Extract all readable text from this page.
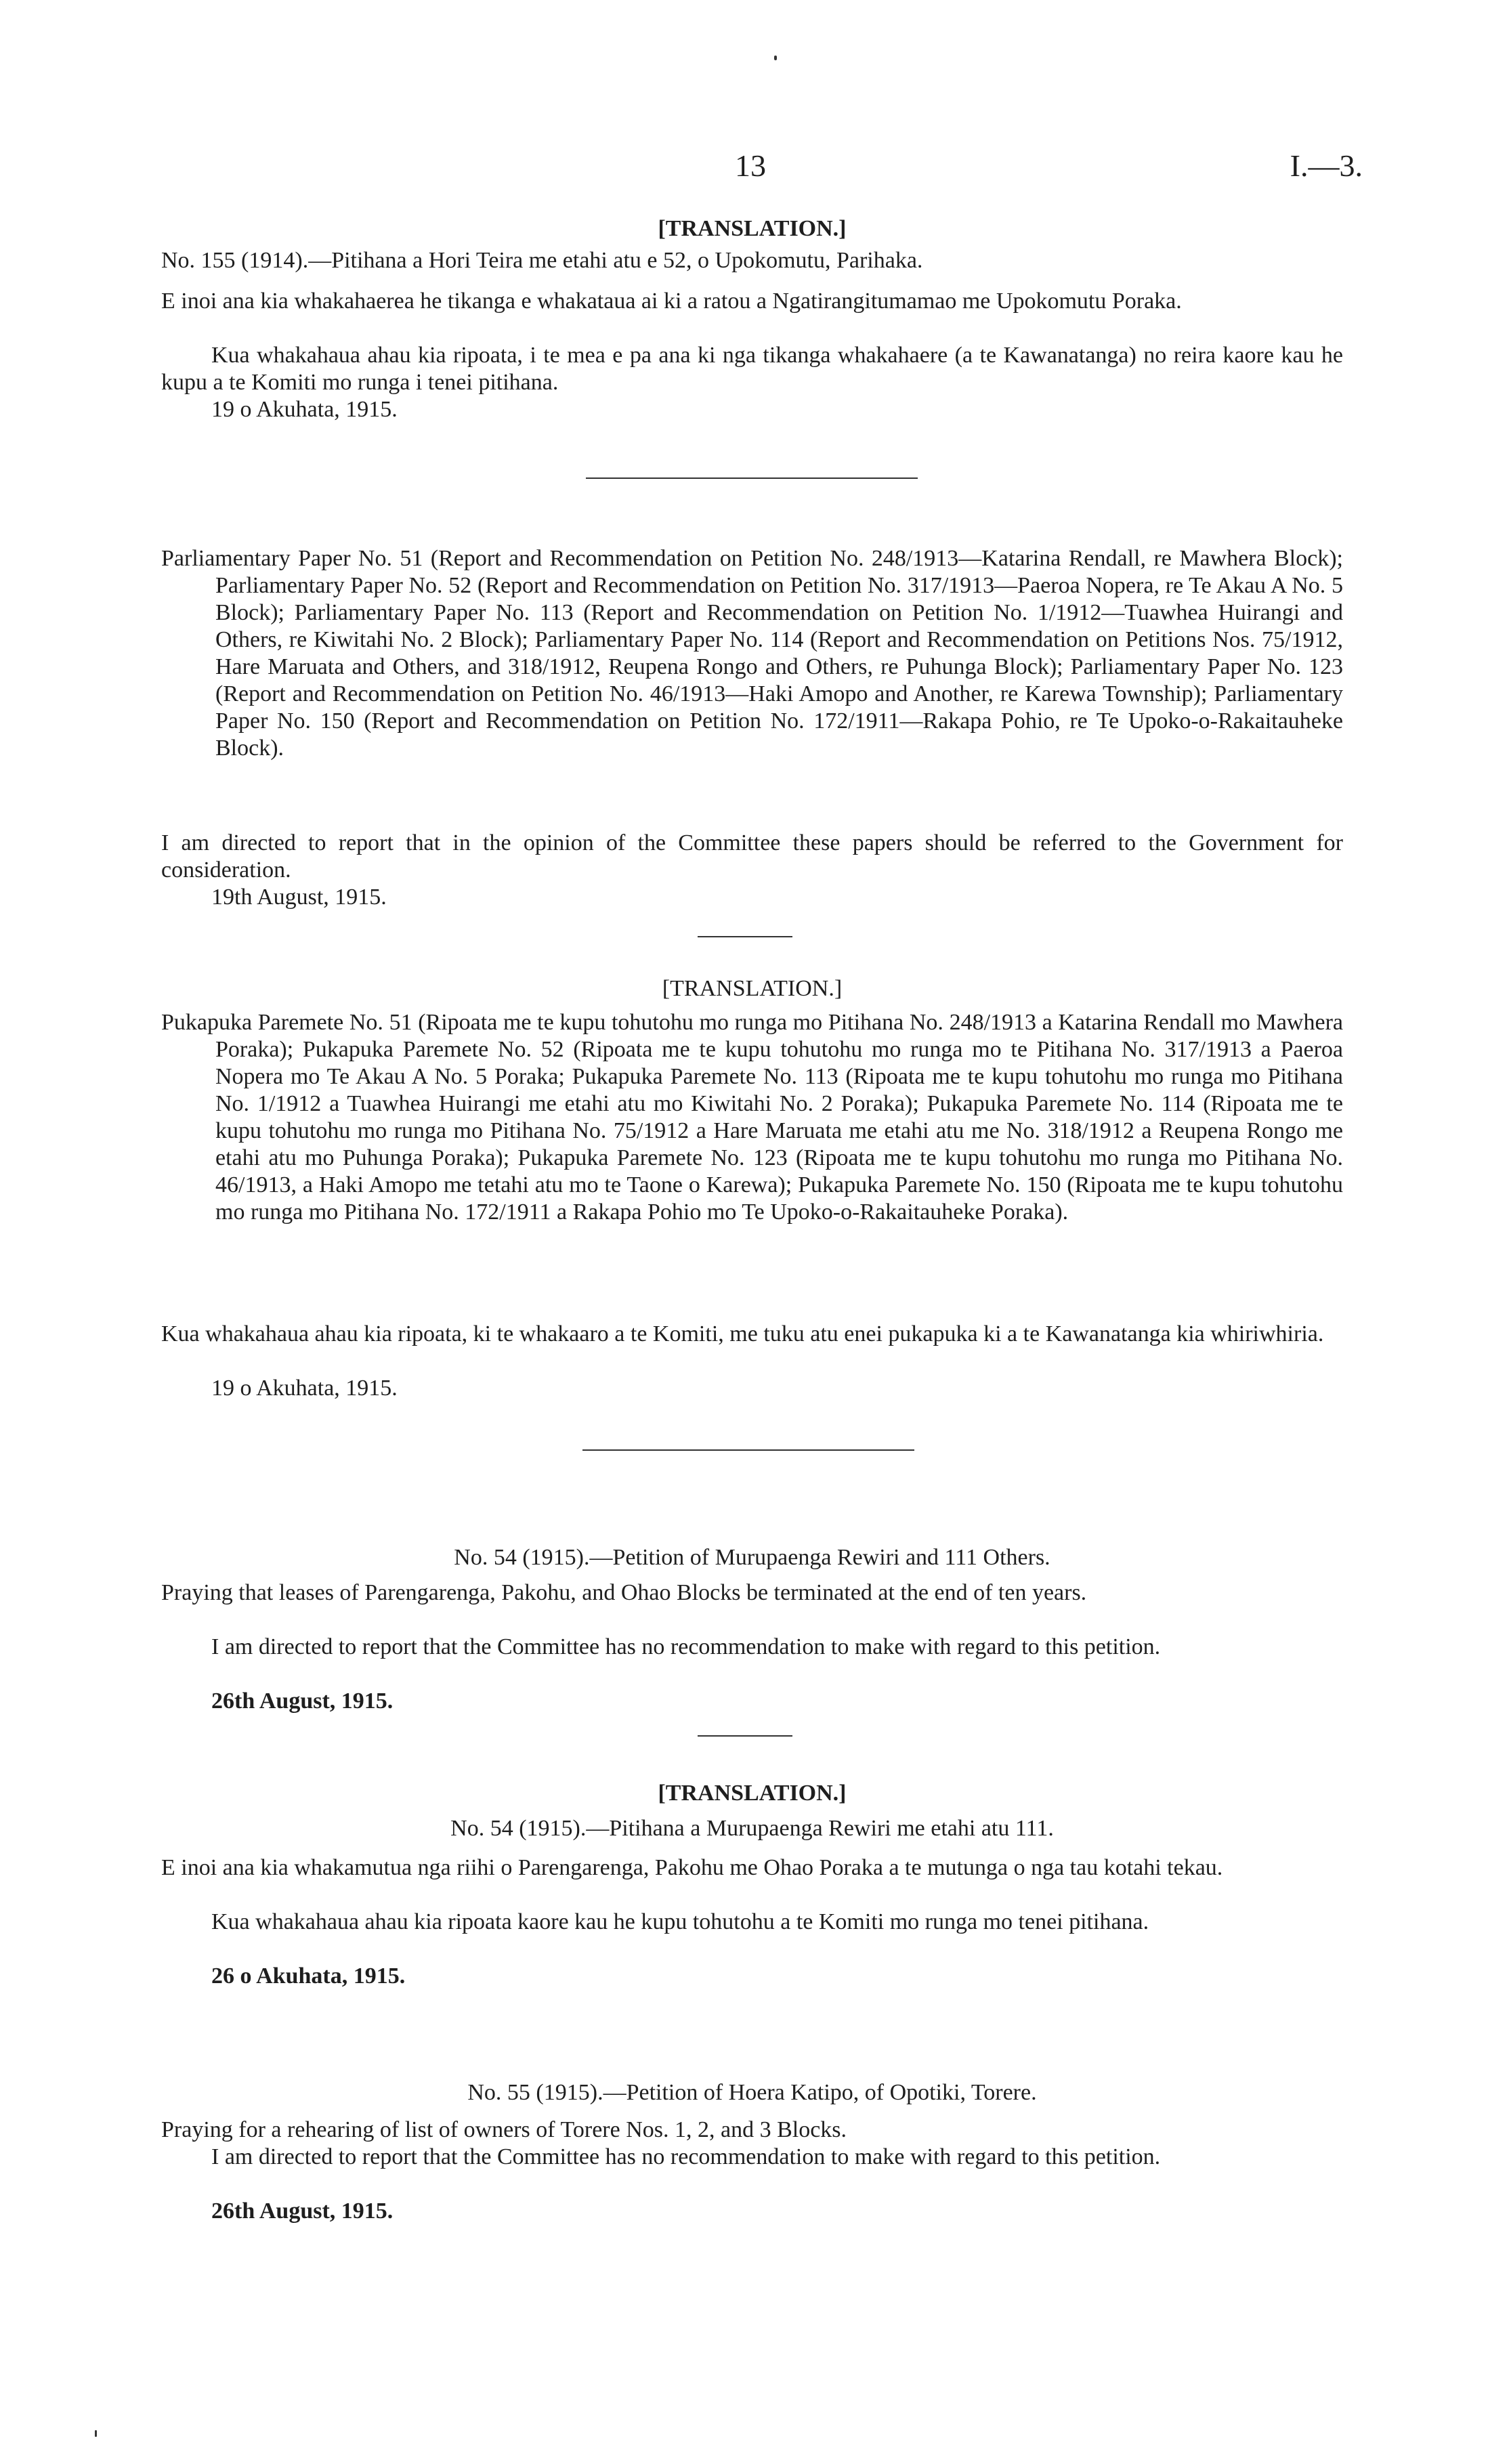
13	I.—3.

[TRANSLATION.]

No. 155 (1914).—Pitihana a Hori Teira me etahi atu e 52, o Upokomutu, Parihaka.

E inoi ana kia whakahaerea he tikanga e whakataua ai ki a ratou a Ngatirangitumamao me Upokomutu Poraka.

Kua whakahaua ahau kia ripoata, i te mea e pa ana ki nga tikanga whakahaere (a te Kawanatanga) no reira kaore kau he kupu a te Komiti mo runga i tenei pitihana.

19 o Akuhata, 1915.

Parliamentary Paper No. 51 (Report and Recommendation on Petition No. 248/1913—Katarina Rendall, re Mawhera Block); Parliamentary Paper No. 52 (Report and Recommendation on Petition No. 317/1913—Paeroa Nopera, re Te Akau A No. 5 Block); Parliamentary Paper No. 113 (Report and Recommendation on Petition No. 1/1912—Tuawhea Huirangi and Others, re Kiwitahi No. 2 Block); Parliamentary Paper No. 114 (Report and Recommendation on Petitions Nos. 75/1912, Hare Maruata and Others, and 318/1912, Reupena Rongo and Others, re Puhunga Block); Parliamentary Paper No. 123 (Report and Recommendation on Petition No. 46/1913—Haki Amopo and Another, re Karewa Township); Parliamentary Paper No. 150 (Report and Recommendation on Petition No. 172/1911—Rakapa Pohio, re Te Upoko-o-Rakaitauheke Block).

I am directed to report that in the opinion of the Committee these papers should be referred to the Government for consideration.

19th August, 1915.

[TRANSLATION.]

Pukapuka Paremete No. 51 (Ripoata me te kupu tohutohu mo runga mo Pitihana No. 248/1913 a Katarina Rendall mo Mawhera Poraka); Pukapuka Paremete No. 52 (Ripoata me te kupu tohutohu mo runga mo te Pitihana No. 317/1913 a Paeroa Nopera mo Te Akau A No. 5 Poraka; Pukapuka Paremete No. 113 (Ripoata me te kupu tohutohu mo runga mo Pitihana No. 1/1912 a Tuawhea Huirangi me etahi atu mo Kiwitahi No. 2 Poraka); Pukapuka Paremete No. 114 (Ripoata me te kupu tohutohu mo runga mo Pitihana No. 75/1912 a Hare Maruata me etahi atu me No. 318/1912 a Reupena Rongo me etahi atu mo Puhunga Poraka); Pukapuka Paremete No. 123 (Ripoata me te kupu tohutohu mo runga mo Pitihana No. 46/1913, a Haki Amopo me tetahi atu mo te Taone o Karewa); Pukapuka Paremete No. 150 (Ripoata me te kupu tohutohu mo runga mo Pitihana No. 172/1911 a Rakapa Pohio mo Te Upoko-o-Rakaitauheke Poraka).

Kua whakahaua ahau kia ripoata, ki te whakaaro a te Komiti, me tuku atu enei pukapuka ki a te Kawanatanga kia whiriwhiria.

19 o Akuhata, 1915.

No. 54 (1915).—Petition of Murupaenga Rewiri and 111 Others.

Praying that leases of Parengarenga, Pakohu, and Ohao Blocks be terminated at the end of ten years.

I am directed to report that the Committee has no recommendation to make with regard to this petition.

26th August, 1915.

[TRANSLATION.]

No. 54 (1915).—Pitihana a Murupaenga Rewiri me etahi atu 111.

E inoi ana kia whakamutua nga riihi o Parengarenga, Pakohu me Ohao Poraka a te mutunga o nga tau kotahi tekau.

Kua whakahaua ahau kia ripoata kaore kau he kupu tohutohu a te Komiti mo runga mo tenei pitihana.

26 o Akuhata, 1915.

No. 55 (1915).—Petition of Hoera Katipo, of Opotiki, Torere.

Praying for a rehearing of list of owners of Torere Nos. 1, 2, and 3 Blocks.

I am directed to report that the Committee has no recommendation to make with regard to this petition.

26th August, 1915.
